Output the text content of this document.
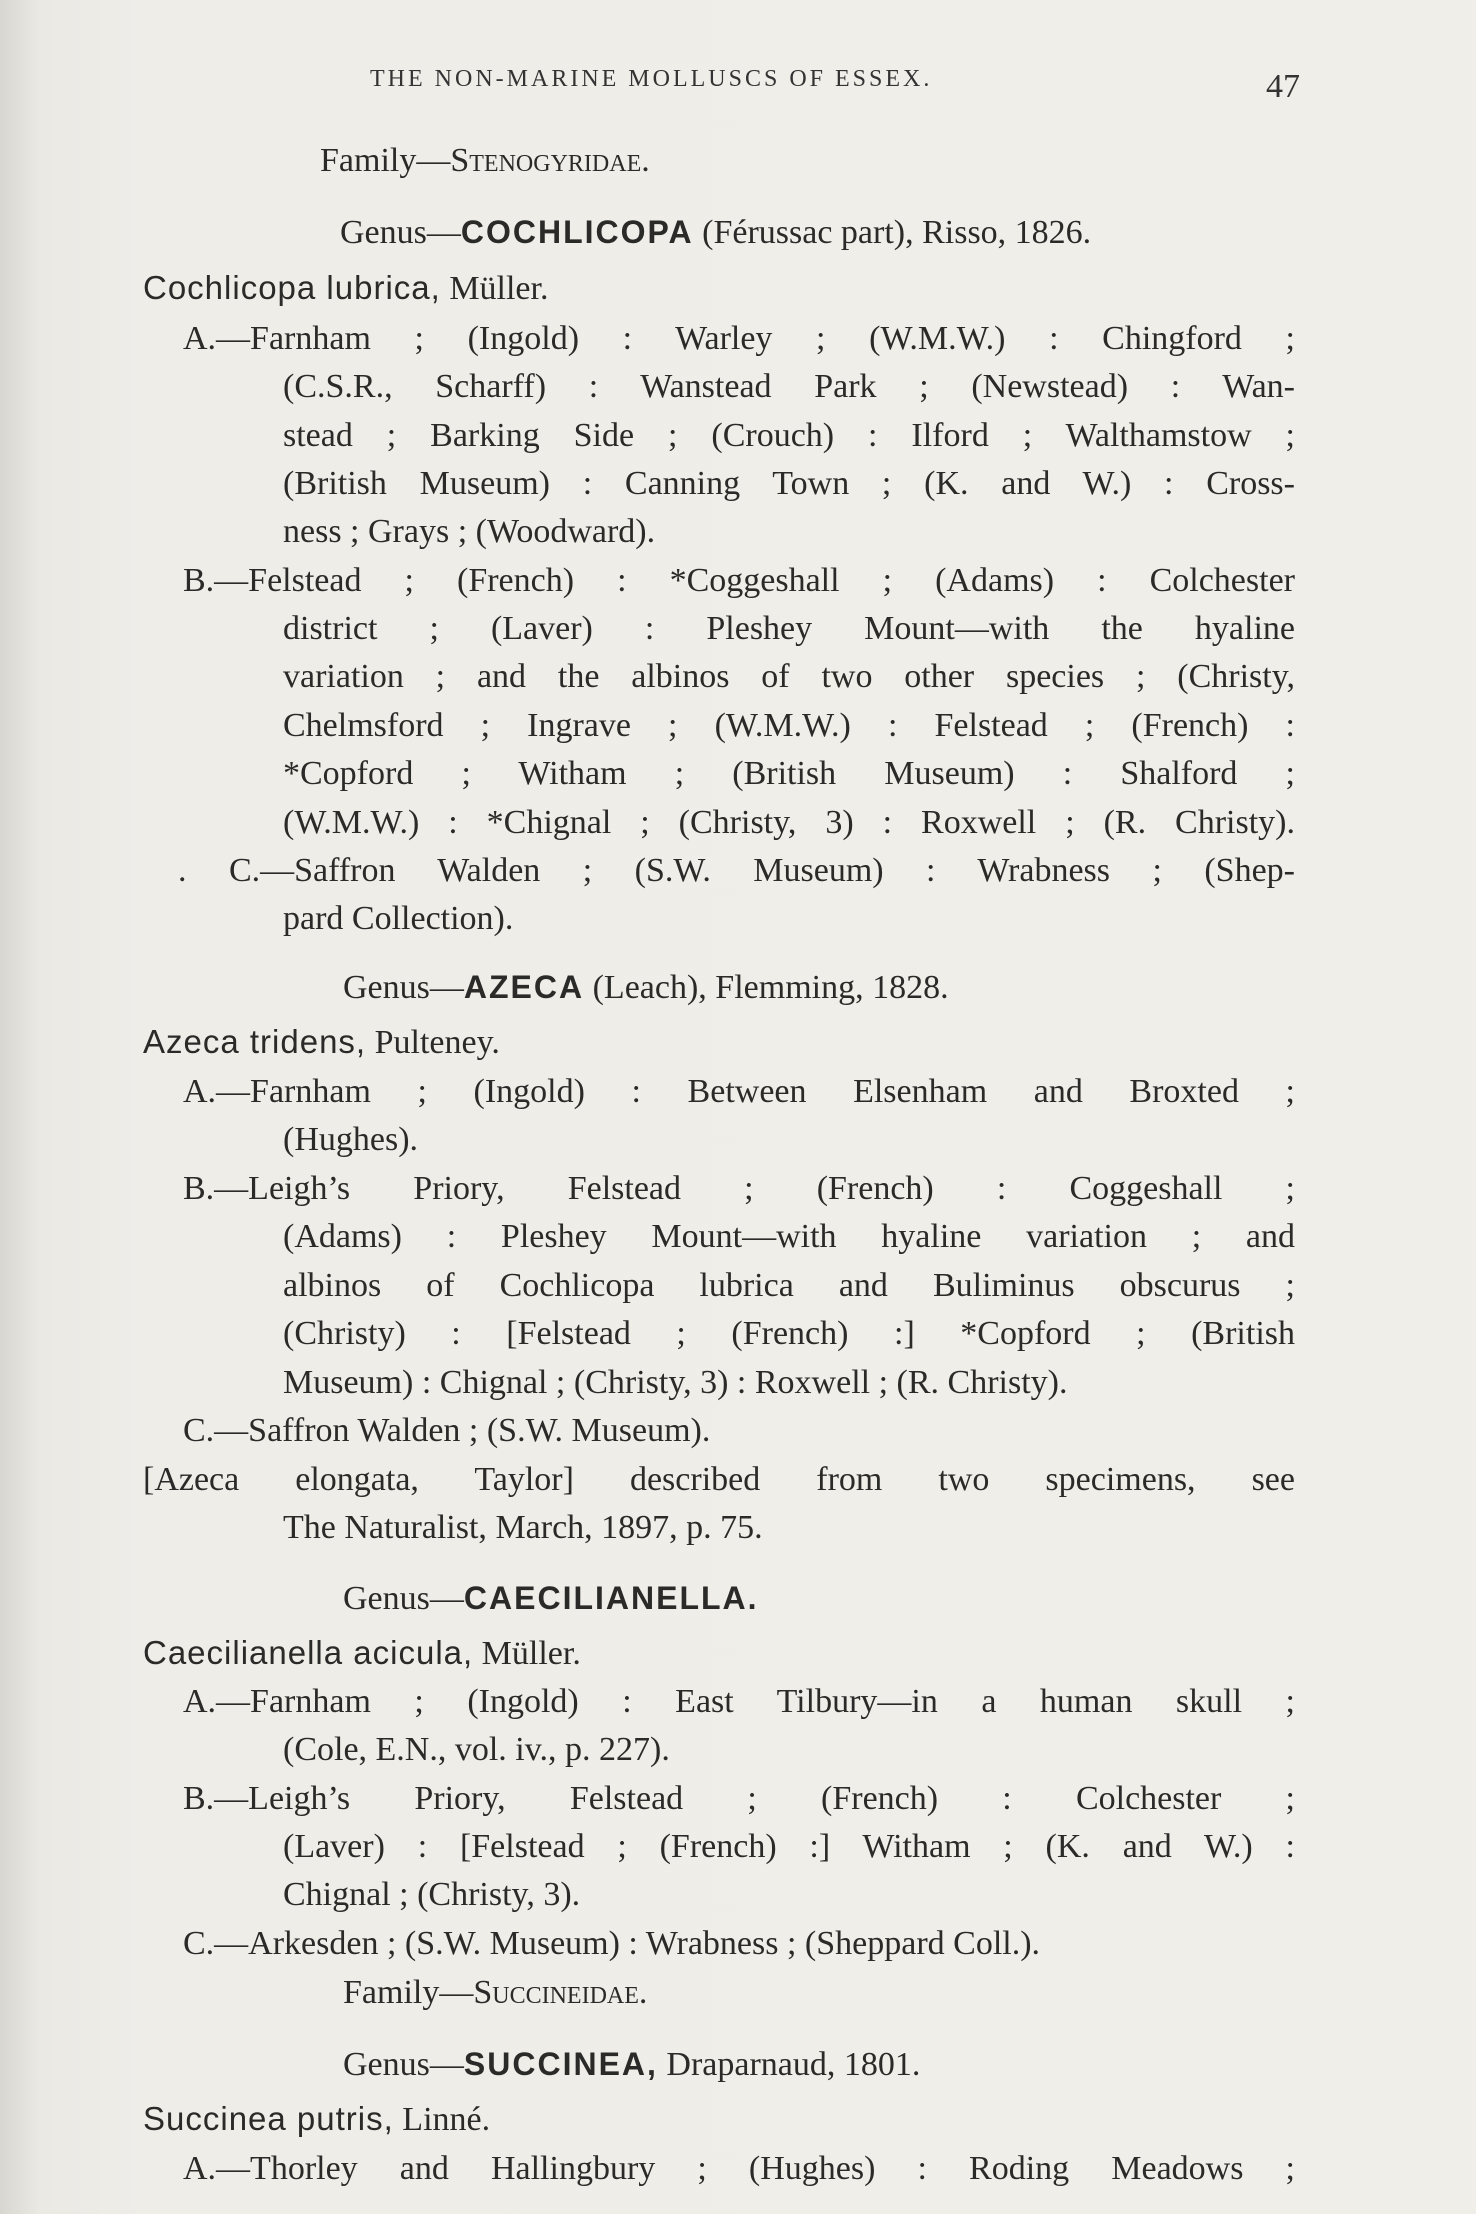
THE NON-MARINE MOLLUSCS OF ESSEX.	47
Family—Stenogyridae.
Genus—COCHLICOPA (Férussac part), Risso, 1826.
Cochlicopa lubrica, Müller.
A.—Farnham ; (Ingold) : Warley ; (W.M.W.) : Chingford ;
(C.S.R., Scharff) : Wanstead Park ; (Newstead) : Wan-
stead ; Barking Side ; (Crouch) : Ilford ; Walthamstow ;
(British Museum) : Canning Town ; (K. and W.) : Cross-
ness ; Grays ; (Woodward).
B.—Felstead ; (French) : *Coggeshall ; (Adams) : Colchester
district ; (Laver) : Pleshey Mount—with the hyaline
variation ; and the albinos of two other species ; (Christy,
Chelmsford ; Ingrave ; (W.M.W.) : Felstead ; (French) :
*Copford ; Witham ; (British Museum) : Shalford ;
(W.M.W.) : *Chignal ; (Christy, 3) : Roxwell ; (R. Christy).
. C.—Saffron Walden ; (S.W. Museum) : Wrabness ; (Shep-
pard Collection).
Genus—AZECA (Leach), Flemming, 1828.
Azeca tridens, Pulteney.
A.—Farnham ; (Ingold) : Between Elsenham and Broxted ;
(Hughes).
B.—Leigh’s Priory, Felstead ; (French) : Coggeshall ;
(Adams) : Pleshey Mount—with hyaline variation ; and
albinos of Cochlicopa lubrica and Buliminus obscurus ;
(Christy) : [Felstead ; (French) :] *Copford ; (British
Museum) : Chignal ; (Christy, 3) : Roxwell ; (R. Christy).
C.—Saffron Walden ; (S.W. Museum).
[Azeca elongata, Taylor] described from two specimens, see
The Naturalist, March, 1897, p. 75.
Genus—CAECILIANELLA.
Caecilianella acicula, Müller.
A.—Farnham ; (Ingold) : East Tilbury—in a human skull ;
(Cole, E.N., vol. iv., p. 227).
B.—Leigh’s Priory, Felstead ; (French) : Colchester ;
(Laver) : [Felstead ; (French) :] Witham ; (K. and W.) :
Chignal ; (Christy, 3).
C.—Arkesden ; (S.W. Museum) : Wrabness ; (Sheppard Coll.).
Family—Succineidae.
Genus—SUCCINEA, Draparnaud, 1801.
Succinea putris, Linné.
A.—Thorley and Hallingbury ; (Hughes) : Roding Meadows ;
